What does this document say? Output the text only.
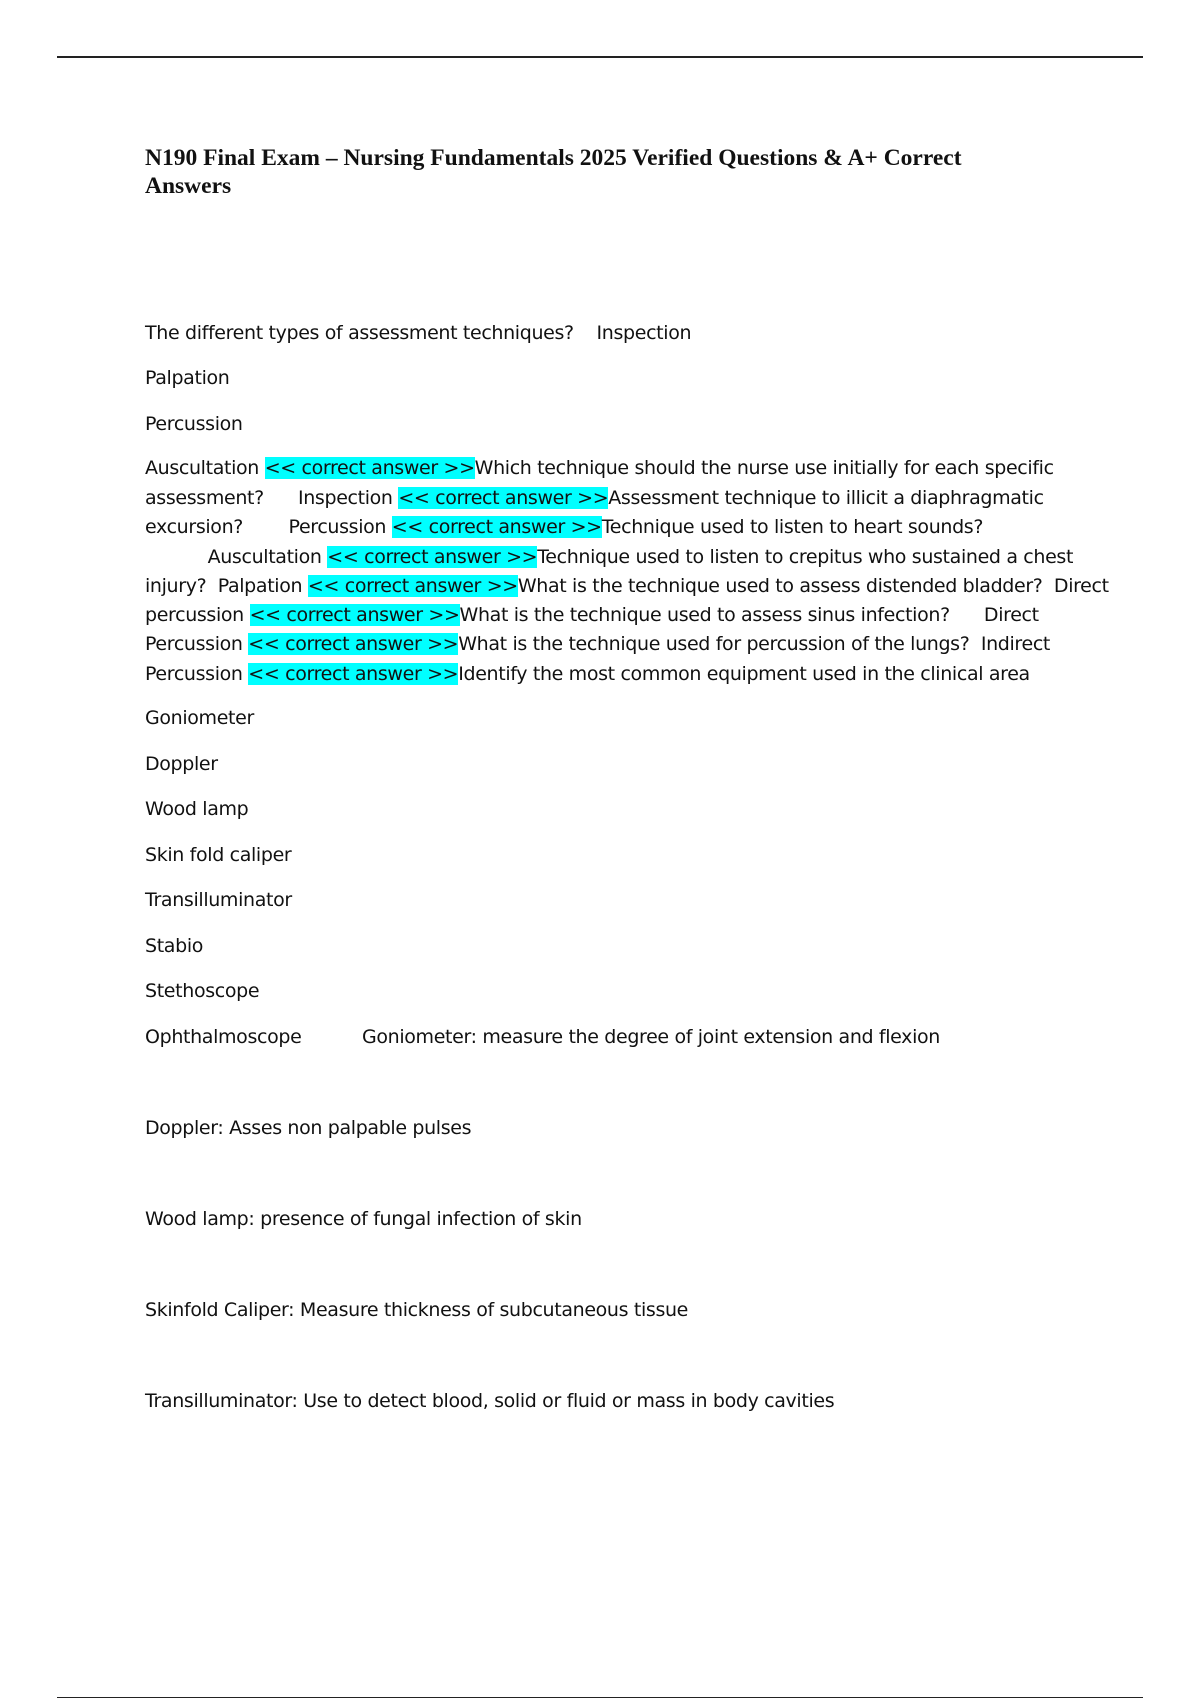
N190 Final Exam – Nursing Fundamentals 2025 Verified Questions & A+ Correct Answers
The different types of assessment techniques? Inspection
Palpation
Percussion
Auscultation << correct answer >>Which technique should the nurse use initially for each specific
assessment?      Inspection << correct answer >>Assessment technique to illicit a diaphragmatic
excursion?        Percussion << correct answer >>Technique used to listen to heart sounds?
Auscultation << correct answer >>Technique used to listen to crepitus who sustained a chest
injury?  Palpation << correct answer >>What is the technique used to assess distended bladder?  Direct
percussion << correct answer >>What is the technique used to assess sinus infection?      Direct
Percussion << correct answer >>What is the technique used for percussion of the lungs?  Indirect
Percussion << correct answer >>Identify the most common equipment used in the clinical area
Goniometer
Doppler
Wood lamp
Skin fold caliper
Transilluminator
Stabio
Stethoscope
Ophthalmoscope	Goniometer: measure the degree of joint extension and flexion
Doppler: Asses non palpable pulses
Wood lamp: presence of fungal infection of skin
Skinfold Caliper: Measure thickness of subcutaneous tissue
Transilluminator: Use to detect blood, solid or fluid or mass in body cavities
